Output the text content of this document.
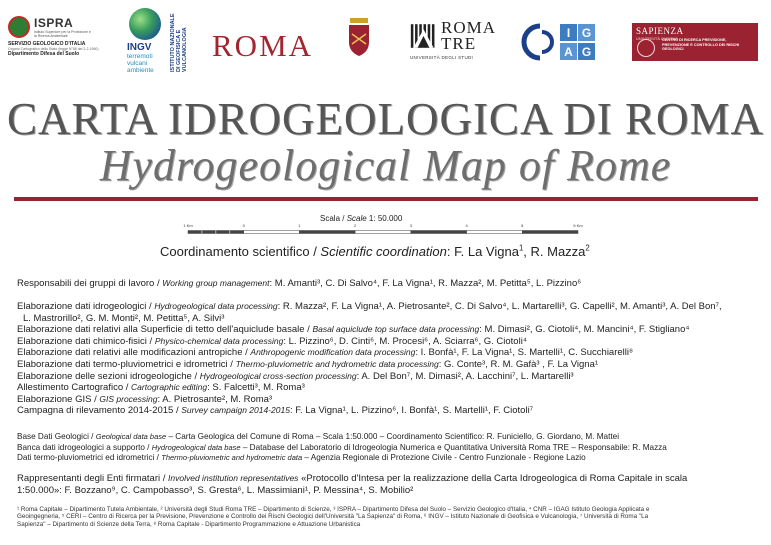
ISPRA
Istituto Superiore per la Protezione e la Ricerca Ambientale
SERVIZIO GEOLOGICO D'ITALIA
Organo Cartografico dello Stato (legge N°68 del 2-2-1960)
Dipartimento Difesa del Suolo
INGV
terremoti
vulcani
ambiente	ISTITUTO NAZIONALE DI GEOFISICA E VULCANOLOGIA ROMA
ROMA
TRE
UNIVERSITÀ DEGLI STUDI
I G
A G
SAPIENZA
UNIVERSITÀ DI ROMA
CENTRO DI RICERCA PREVISIONE, PREVENZIONE E CONTROLLO DEI RISCHI GEOLOGICI
CARTA IDROGEOLOGICA DI ROMA
Hydrogeological Map of Rome
Scala / Scale 1: 50.000
1 Km	0	1	2	3	4	5	6 Km
Coordinamento scientifico / Scientific coordination: F. La Vigna$^1$, R. Mazza$^2$
Responsabili dei gruppi di lavoro / Working group management: M. Amanti³, C. Di Salvo⁴, F. La Vigna¹, R. Mazza², M. Petitta⁵, L. Pizzino⁶
Elaborazione dati idrogeologici / Hydrogeological data processing: R. Mazza², F. La Vigna¹, A. Pietrosante², C. Di Salvo⁴, L. Martarelli³, G. Capelli², M. Amanti³, A. Del Bon⁷,
L. Mastrorillo², G. M. Monti², M. Petitta⁵, A. Silvi³
Elaborazione dati relativi alla Superficie di tetto dell'aquiclude basale / Basal aquiclude top surface data processing: M. Dimasi², G. Ciotoli⁴, M. Mancini⁴, F. Stigliano⁴
Elaborazione dati chimico-fisici / Physico-chemical data processing: L. Pizzino⁶, D. Cinti⁶, M. Procesi⁶, A. Sciarra⁶, G. Ciotoli⁴
Elaborazione dati relativi alle modificazioni antropiche / Anthropogenic modification data processing: I. Bonfà¹, F. La Vigna¹, S. Martelli¹, C. Succhiarelli⁸
Elaborazione dati termo-pluviometrici e idrometrici / Thermo-pluviometric and hydrometric data processing: G. Conte³, R. M. Gafà³ , F. La Vigna¹
Elaborazione delle sezioni idrogeologiche / Hydrogeological cross-section processing: A. Del Bon⁷, M. Dimasi², A. Lacchini⁷, L. Martarelli³
Allestimento Cartografico / Cartographic editing: S. Falcetti³, M. Roma³
Elaborazione GIS / GIS processing: A. Pietrosante², M. Roma³
Campagna di rilevamento 2014-2015 / Survey campaign 2014-2015: F. La Vigna¹, L. Pizzino⁶, I. Bonfà¹, S. Martelli¹, F. Ciotoli⁷
Base Dati Geologici / Geological data base – Carta Geologica del Comune di Roma – Scala 1:50.000 – Coordinamento Scientifico: R. Funiciello, G. Giordano, M. Mattei
Banca dati idrogeologici a supporto / Hydrogeological data base – Database del Laboratorio di Idrogeologia Numerica e Quantitativa Università Roma TRE – Responsabile: R. Mazza
Dati termo-pluviometrici ed idrometrici / Thermo-pluviometric and hydrometric data – Agenzia Regionale di Protezione Civile - Centro Funzionale - Regione Lazio
Rappresentanti degli Enti firmatari / Involved institution representatives «Protocollo d'Intesa per la realizzazione della Carta Idrogeologica di Roma Capitale in scala
1:50.000»: F. Bozzano⁹, C. Campobasso³, S. Gresta⁶, L. Massimiani¹, P. Messina⁴, S. Mobilio²
¹ Roma Capitale – Dipartimento Tutela Ambientale, ² Università degli Studi Roma TRE – Dipartimento di Scienze, ³ ISPRA – Dipartimento Difesa del Suolo – Servizio Geologico d'Italia, ⁴ CNR – IGAG Istituto Geologia Applicata e
Geoingegneria, ⁵ CERI – Centro di Ricerca per la Previsione, Prevenzione e Controllo dei Rischi Geologici dell'Università "La Sapienza" di Roma, ⁶ INGV – Istituto Nazionale di Geofisica e Vulcanologia, ⁷ Università di Roma "La
Sapienza" – Dipartimento di Scienze della Terra, ⁸ Roma Capitale - Dipartimento Programmazione e Attuazione Urbanistica
